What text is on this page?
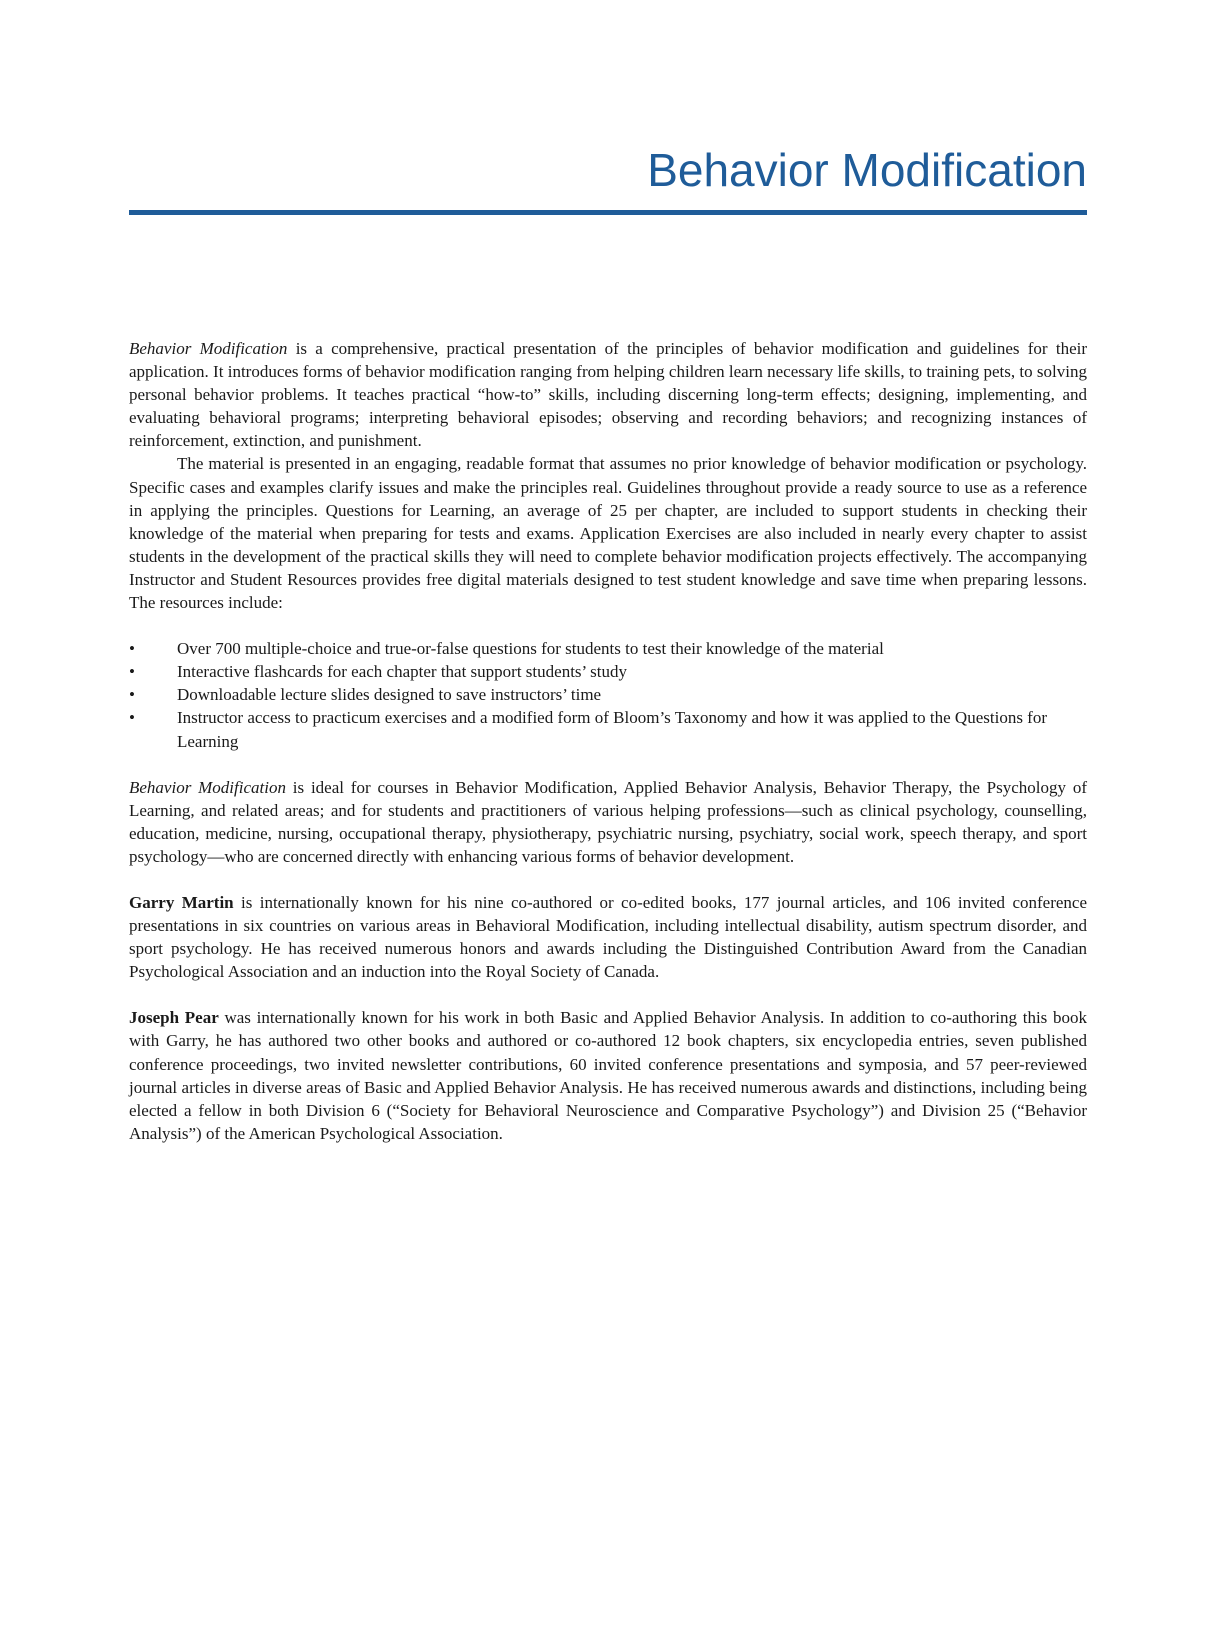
Behavior Modification

Behavior Modification is a comprehensive, practical presentation of the principles of behavior modification and guidelines for their application. It introduces forms of behavior modification ranging from helping children learn necessary life skills, to training pets, to solving personal behavior problems. It teaches practical “how-to” skills, including discerning long-term effects; designing, implementing, and evaluating behavioral programs; interpreting behavioral episodes; observing and recording behaviors; and recognizing instances of reinforcement, extinction, and punishment.

The material is presented in an engaging, readable format that assumes no prior knowledge of behavior modification or psychology. Specific cases and examples clarify issues and make the principles real. Guidelines throughout provide a ready source to use as a reference in applying the principles. Questions for Learning, an average of 25 per chapter, are included to support students in checking their knowledge of the material when preparing for tests and exams. Application Exercises are also included in nearly every chapter to assist students in the development of the practical skills they will need to complete behavior modification projects effectively. The accompanying Instructor and Student Resources provides free digital materials designed to test student knowledge and save time when preparing lessons. The resources include:

• Over 700 multiple-choice and true-or-false questions for students to test their knowledge of the material
• Interactive flashcards for each chapter that support students’ study
• Downloadable lecture slides designed to save instructors’ time
• Instructor access to practicum exercises and a modified form of Bloom’s Taxonomy and how it was applied to the Questions for Learning

Behavior Modification is ideal for courses in Behavior Modification, Applied Behavior Analysis, Behavior Therapy, the Psychology of Learning, and related areas; and for students and practitioners of various helping professions—such as clinical psychology, counselling, education, medicine, nursing, occupational therapy, physiotherapy, psychiatric nursing, psychiatry, social work, speech therapy, and sport psychology—who are concerned directly with enhancing various forms of behavior development.

Garry Martin is internationally known for his nine co-authored or co-edited books, 177 journal articles, and 106 invited conference presentations in six countries on various areas in Behavioral Modification, including intellectual disability, autism spectrum disorder, and sport psychology. He has received numerous honors and awards including the Distinguished Contribution Award from the Canadian Psychological Association and an induction into the Royal Society of Canada.

Joseph Pear was internationally known for his work in both Basic and Applied Behavior Analysis. In addition to co-authoring this book with Garry, he has authored two other books and authored or co-authored 12 book chapters, six encyclopedia entries, seven published conference proceedings, two invited newsletter contributions, 60 invited conference presentations and symposia, and 57 peer-reviewed journal articles in diverse areas of Basic and Applied Behavior Analysis. He has received numerous awards and distinctions, including being elected a fellow in both Division 6 (“Society for Behavioral Neuroscience and Comparative Psychology”) and Division 25 (“Behavior Analysis”) of the American Psychological Association.
